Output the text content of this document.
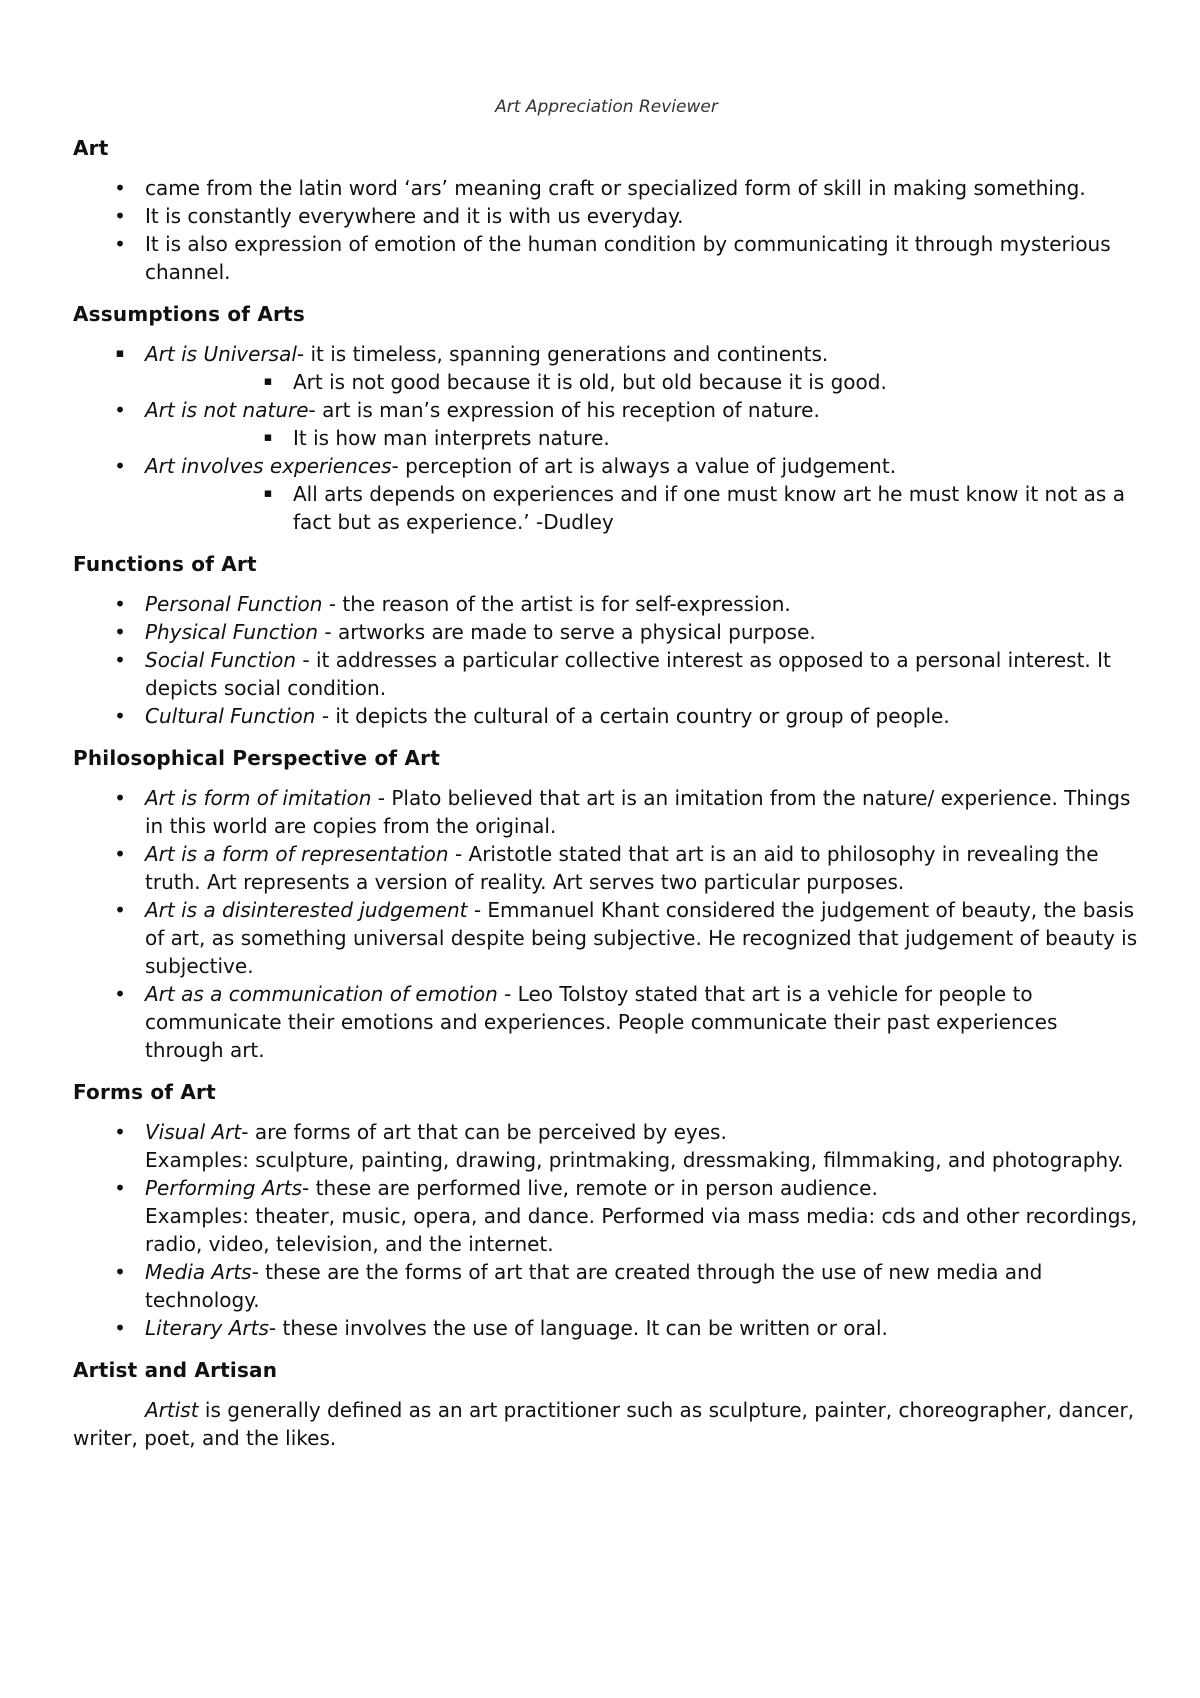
Art Appreciation Reviewer
Art
• came from the latin word ‘ars’ meaning craft or specialized form of skill in making something.
• It is constantly everywhere and it is with us everyday.
• It is also expression of emotion of the human condition by communicating it through mysterious channel.
Assumptions of Arts
▪ Art is Universal- it is timeless, spanning generations and continents.
▪ Art is not good because it is old, but old because it is good.
• Art is not nature- art is man’s expression of his reception of nature.
▪ It is how man interprets nature.
• Art involves experiences- perception of art is always a value of judgement.
▪ All arts depends on experiences and if one must know art he must know it not as a fact but as experience.’ -Dudley
Functions of Art
• Personal Function - the reason of the artist is for self-expression.
• Physical Function - artworks are made to serve a physical purpose.
• Social Function - it addresses a particular collective interest as opposed to a personal interest. It depicts social condition.
• Cultural Function - it depicts the cultural of a certain country or group of people.
Philosophical Perspective of Art
• Art is form of imitation - Plato believed that art is an imitation from the nature/ experience. Things in this world are copies from the original.
• Art is a form of representation - Aristotle stated that art is an aid to philosophy in revealing the truth. Art represents a version of reality. Art serves two particular purposes.
• Art is a disinterested judgement - Emmanuel Khant considered the judgement of beauty, the basis of art, as something universal despite being subjective. He recognized that judgement of beauty is subjective.
• Art as a communication of emotion - Leo Tolstoy stated that art is a vehicle for people to communicate their emotions and experiences. People communicate their past experiences through art.
Forms of Art
• Visual Art- are forms of art that can be perceived by eyes.
Examples: sculpture, painting, drawing, printmaking, dressmaking, filmmaking, and photography.
• Performing Arts- these are performed live, remote or in person audience.
Examples: theater, music, opera, and dance. Performed via mass media: cds and other recordings, radio, video, television, and the internet.
• Media Arts- these are the forms of art that are created through the use of new media and technology.
• Literary Arts- these involves the use of language. It can be written or oral.
Artist and Artisan

Artist is generally defined as an art practitioner such as sculpture, painter, choreographer, dancer, writer, poet, and the likes.
